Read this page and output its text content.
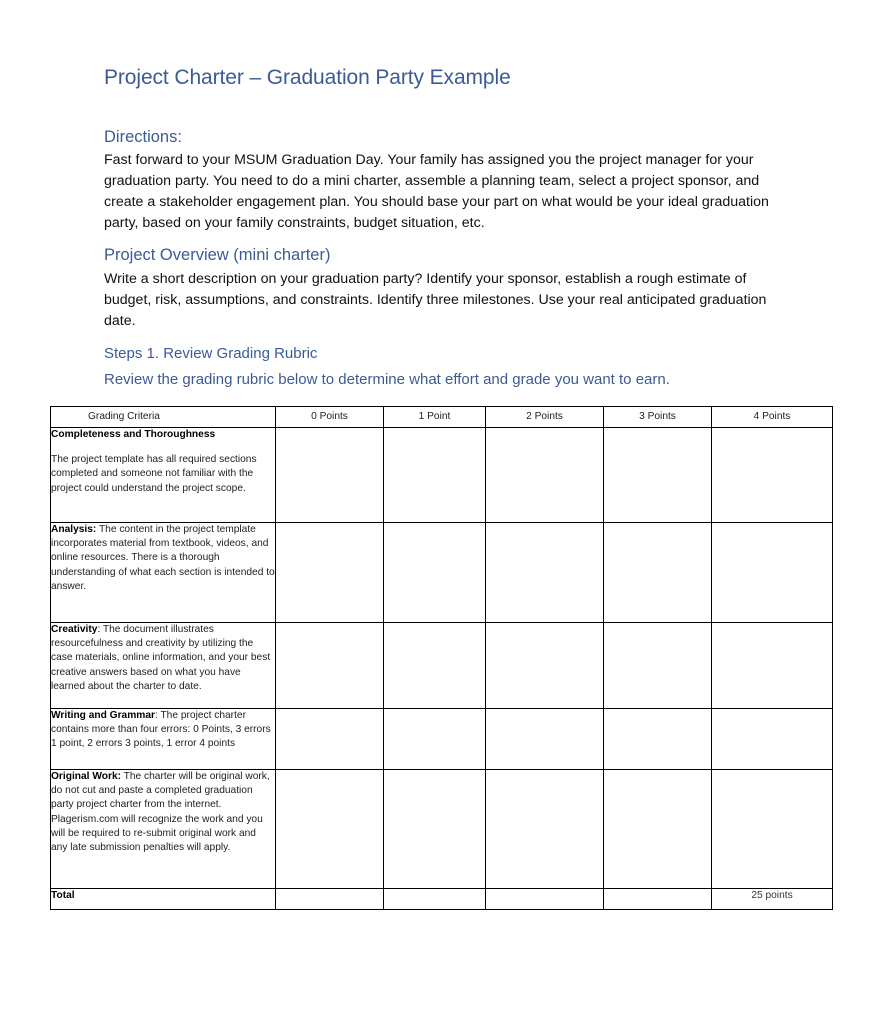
Project Charter – Graduation Party Example
Directions:

Fast forward to your MSUM Graduation Day. Your family has assigned you the project manager for your graduation party. You need to do a mini charter, assemble a planning team, select a project sponsor, and create a stakeholder engagement plan. You should base your part on what would be your ideal graduation party, based on your family constraints, budget situation, etc.

Project Overview (mini charter)

Write a short description on your graduation party? Identify your sponsor, establish a rough estimate of budget, risk, assumptions, and constraints. Identify three milestones. Use your real anticipated graduation date.

Steps 1. Review Grading Rubric
Review the grading rubric below to determine what effort and grade you want to earn.
Grading Criteria	0 Points	1 Point	2 Points	3 Points	4 Points

Completeness and Thoroughness
The project template has all required sections completed and someone not familiar with the project could understand the project scope.					
Analysis: The content in the project template incorporates material from textbook, videos, and online resources. There is a thorough understanding of what each section is intended to answer.					
Creativity: The document illustrates resourcefulness and creativity by utilizing the case materials, online information, and your best creative answers based on what you have learned about the charter to date.					
Writing and Grammar: The project charter contains more than four errors: 0 Points, 3 errors 1 point, 2 errors 3 points, 1 error 4 points					
Original Work: The charter will be original work, do not cut and paste a completed graduation party project charter from the internet. Plagerism.com will recognize the work and you will be required to re-submit original work and any late submission penalties will apply.					
Total					25 points
